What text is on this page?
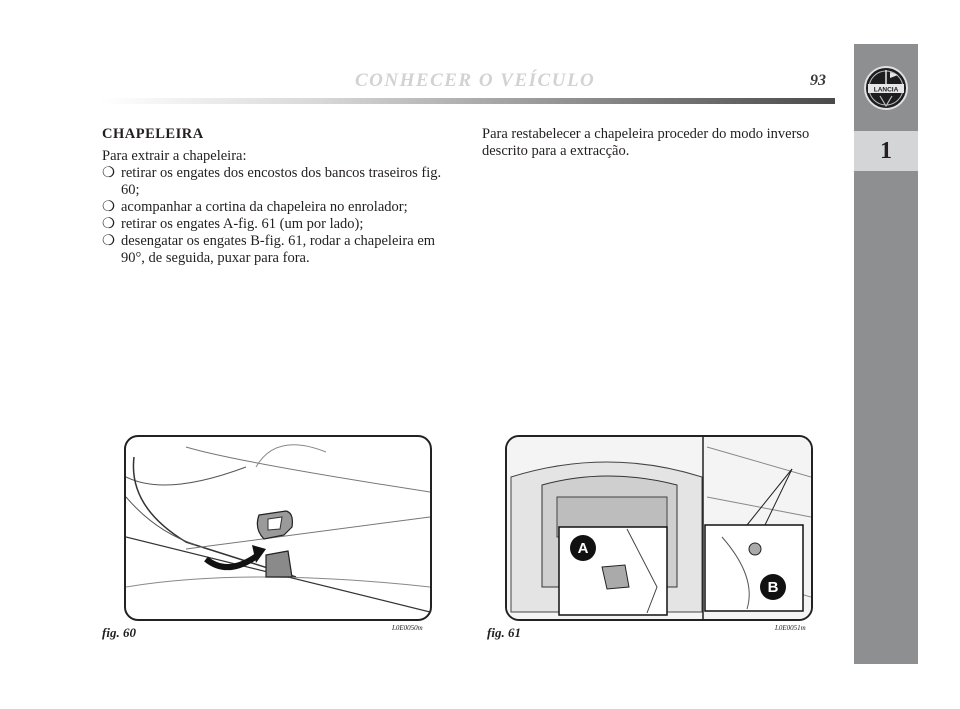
CONHECER O VEÍCULO	93
LANCIA
1

CHAPELEIRA

Para extrair a chapeleira:

❍ retirar os engates dos encostos dos bancos traseiros fig. 60;

❍ acompanhar a cortina da chapeleira no enrolador;

❍ retirar os engates A-fig. 61 (um por lado);

❍ desengatar os engates B-fig. 61, rodar a chapeleira em 90°, de seguida, puxar para fora.

Para restabelecer a chapeleira proceder do modo inverso descrito para a extracção.

fig. 60	L0E0050m
A
B
fig. 61	L0E0051m
